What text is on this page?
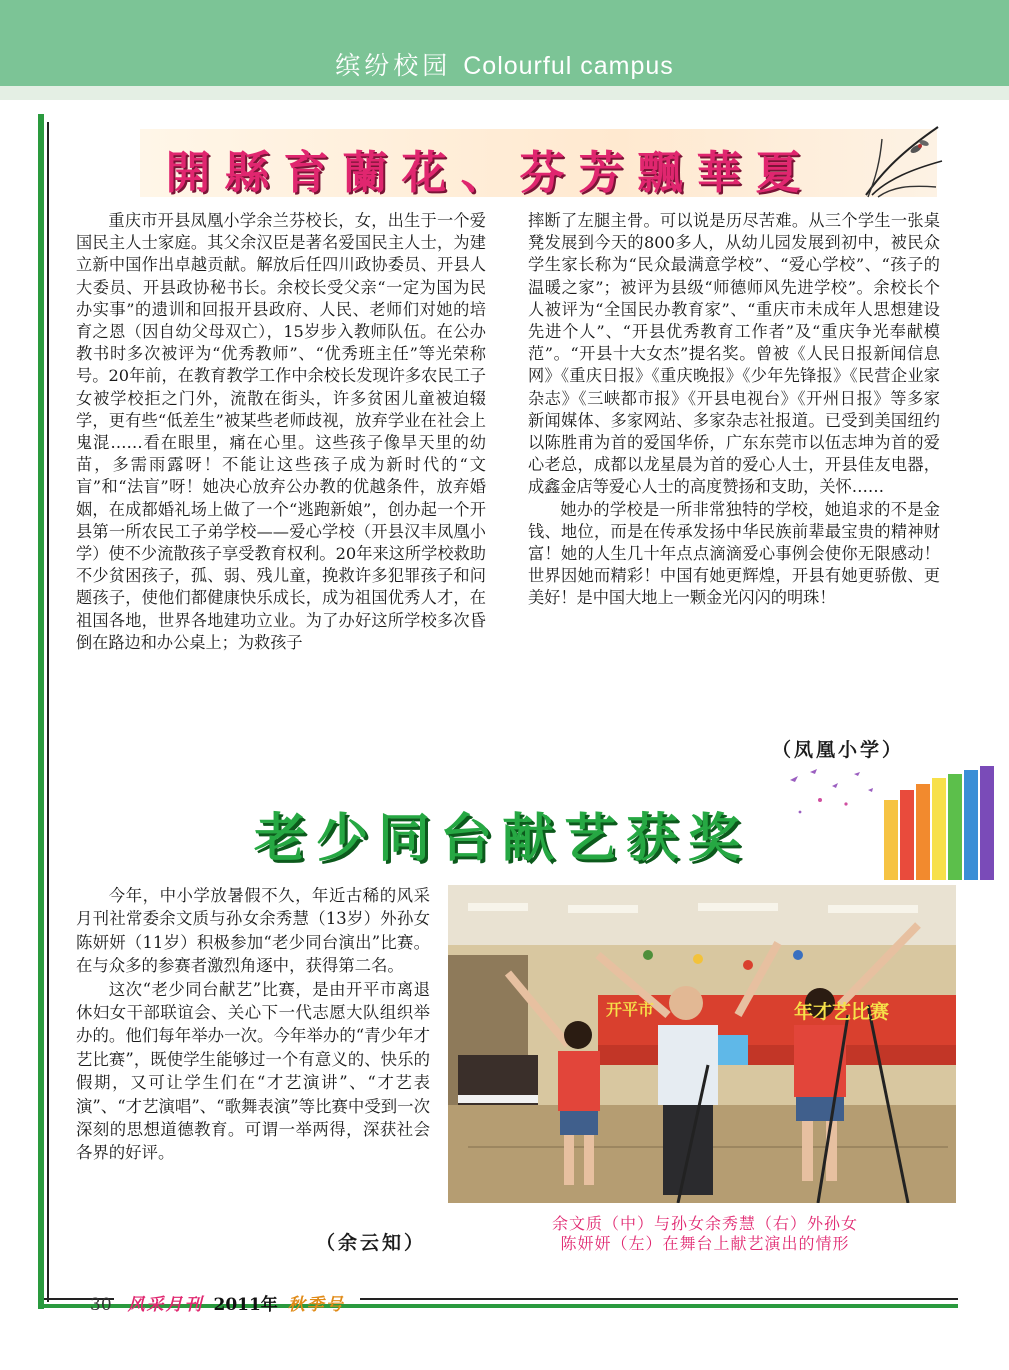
缤纷校园 Colourful campus
開縣育蘭花、芬芳飄華夏

重庆市开县凤凰小学余兰芬校长，女，出生于一个爱国民主人士家庭。其父余汉臣是著名爱国民主人士，为建立新中国作出卓越贡献。解放后任四川政协委员、开县人大委员、开县政协秘书长。余校长受父亲“一定为国为民办实事”的遗训和回报开县政府、人民、老师们对她的培育之恩（因自幼父母双亡），15岁步入教师队伍。在公办教书时多次被评为“优秀教师”、“优秀班主任”等光荣称号。20年前，在教育教学工作中余校长发现许多农民工子女被学校拒之门外，流散在街头，许多贫困儿童被迫辍学，更有些“低差生”被某些老师歧视，放弃学业在社会上鬼混……看在眼里，痛在心里。这些孩子像旱天里的幼苗，多需雨露呀！不能让这些孩子成为新时代的“文盲”和“法盲”呀！她决心放弃公办教的优越条件，放弃婚姻，在成都婚礼场上做了一个“逃跑新娘”，创办起一个开县第一所农民工子弟学校——爱心学校（开县汉丰凤凰小学）使不少流散孩子享受教育权利。20年来这所学校救助不少贫困孩子，孤、弱、残儿童，挽救许多犯罪孩子和问题孩子，使他们都健康快乐成长，成为祖国优秀人才，在祖国各地，世界各地建功立业。为了办好这所学校多次昏倒在路边和办公桌上；为救孩子

摔断了左腿主骨。可以说是历尽苦难。从三个学生一张桌凳发展到今天的800多人，从幼儿园发展到初中，被民众学生家长称为“民众最满意学校”、“爱心学校”、“孩子的温暖之家”；被评为县级“师德师风先进学校”。余校长个人被评为“全国民办教育家”、“重庆市未成年人思想建设先进个人”、“开县优秀教育工作者”及“重庆争光奉献模范”。“开县十大女杰”提名奖。曾被《人民日报新闻信息网》《重庆日报》《重庆晚报》《少年先锋报》《民营企业家杂志》《三峡都市报》《开县电视台》《开州日报》等多家新闻媒体、多家网站、多家杂志社报道。已受到美国纽约以陈胜甫为首的爱国华侨，广东东莞市以伍志坤为首的爱心老总，成都以龙星晨为首的爱心人士，开县佳友电器，成鑫金店等爱心人士的高度赞扬和支助，关怀……

她办的学校是一所非常独特的学校，她追求的不是金钱、地位，而是在传承发扬中华民族前辈最宝贵的精神财富！她的人生几十年点点滴滴爱心事例会使你无限感动！世界因她而精彩！中国有她更辉煌，开县有她更骄傲、更美好！是中国大地上一颗金光闪闪的明珠！

（凤凰小学）
老少同台献艺获奖

今年，中小学放暑假不久，年近古稀的风采月刊社常委余文质与孙女余秀慧（13岁）外孙女陈妍妍（11岁）积极参加“老少同台演出”比赛。在与众多的参赛者激烈角逐中，获得第二名。

这次“老少同台献艺”比赛，是由开平市离退休妇女干部联谊会、关心下一代志愿大队组织举办的。他们每年举办一次。今年举办的“青少年才艺比赛”，既使学生能够过一个有意义的、快乐的假期，又可让学生们在“才艺演讲”、“才艺表演”、“才艺演唱”、“歌舞表演”等比赛中受到一次深刻的思想道德教育。可谓一举两得，深获社会各界的好评。

（余云知）
开平市	年才艺比赛
余文质（中）与孙女余秀慧（右）外孙女
陈妍妍（左）在舞台上献艺演出的情形
30 风采月刊 2011年 秋季号
